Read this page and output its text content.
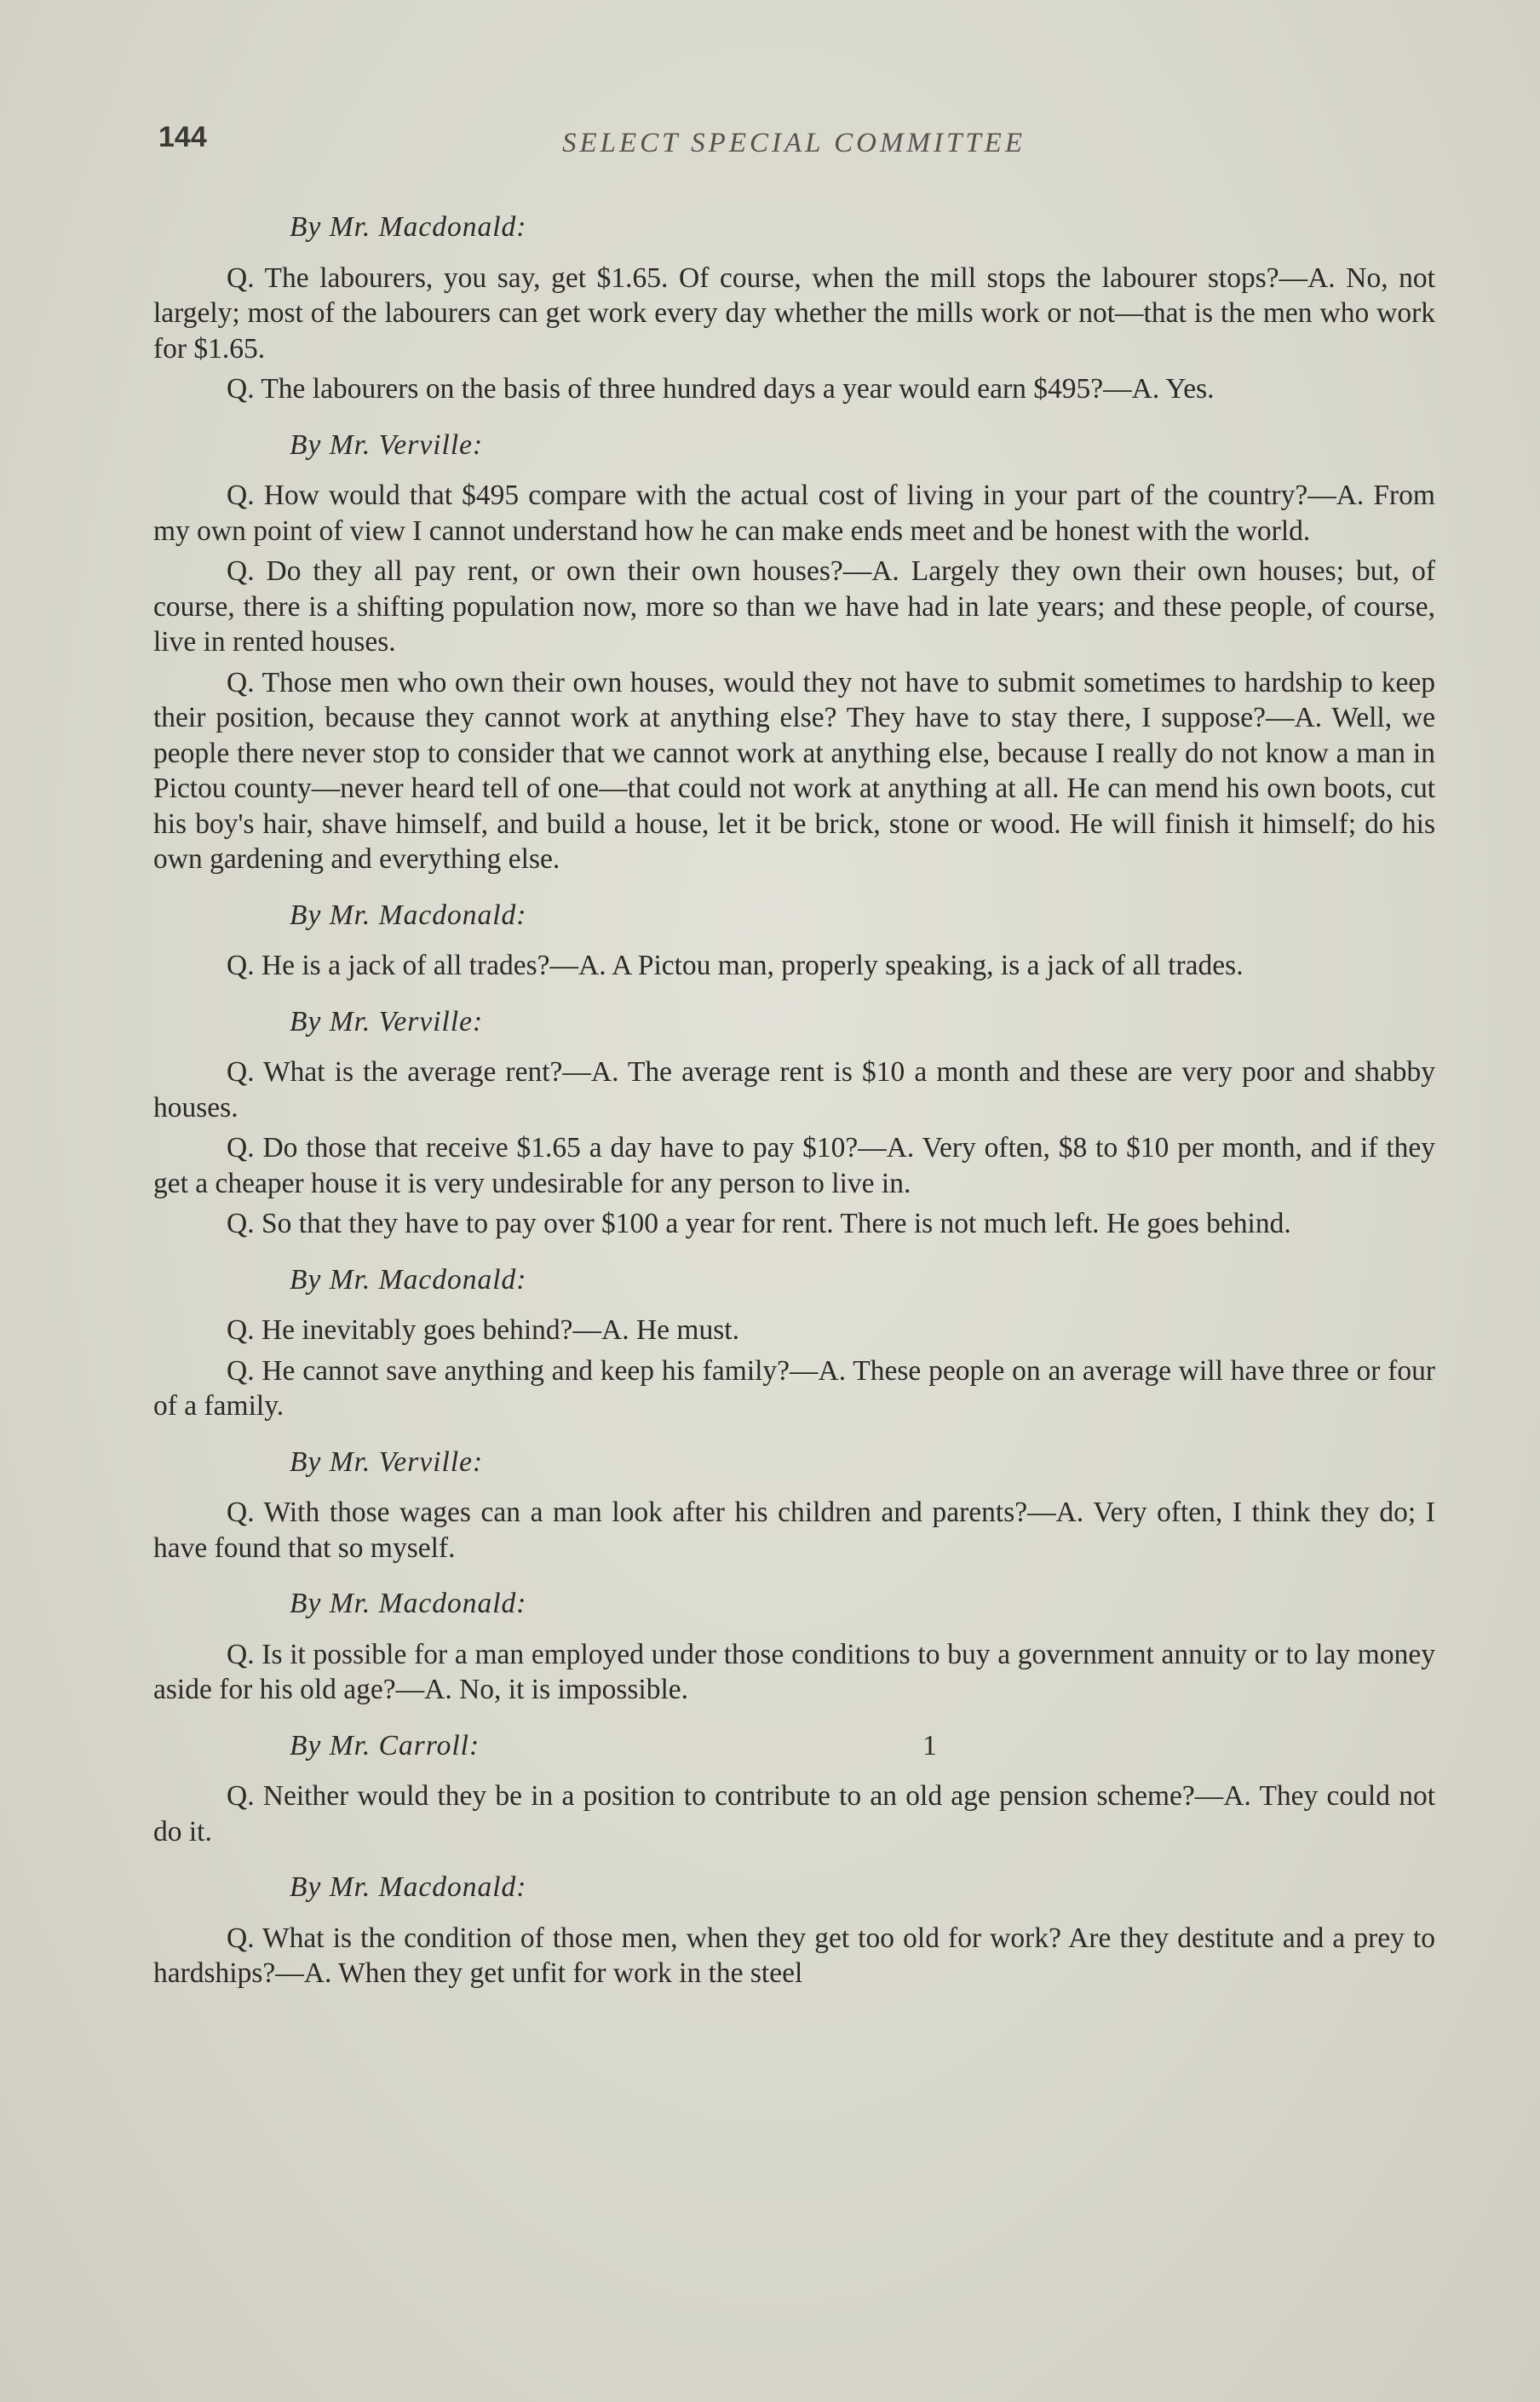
144	SELECT SPECIAL COMMITTEE
By Mr. Macdonald:

Q. The labourers, you say, get $1.65. Of course, when the mill stops the labourer stops?—A. No, not largely; most of the labourers can get work every day whether the mills work or not—that is the men who work for $1.65.

Q. The labourers on the basis of three hundred days a year would earn $495?—A. Yes.

By Mr. Verville:

Q. How would that $495 compare with the actual cost of living in your part of the country?—A. From my own point of view I cannot understand how he can make ends meet and be honest with the world.

Q. Do they all pay rent, or own their own houses?—A. Largely they own their own houses; but, of course, there is a shifting population now, more so than we have had in late years; and these people, of course, live in rented houses.

Q. Those men who own their own houses, would they not have to submit sometimes to hardship to keep their position, because they cannot work at anything else? They have to stay there, I suppose?—A. Well, we people there never stop to consider that we cannot work at anything else, because I really do not know a man in Pictou county—never heard tell of one—that could not work at anything at all. He can mend his own boots, cut his boy's hair, shave himself, and build a house, let it be brick, stone or wood. He will finish it himself; do his own gardening and everything else.

By Mr. Macdonald:

Q. He is a jack of all trades?—A. A Pictou man, properly speaking, is a jack of all trades.

By Mr. Verville:

Q. What is the average rent?—A. The average rent is $10 a month and these are very poor and shabby houses.

Q. Do those that receive $1.65 a day have to pay $10?—A. Very often, $8 to $10 per month, and if they get a cheaper house it is very undesirable for any person to live in.

Q. So that they have to pay over $100 a year for rent. There is not much left. He goes behind.

By Mr. Macdonald:

Q. He inevitably goes behind?—A. He must.

Q. He cannot save anything and keep his family?—A. These people on an average will have three or four of a family.

By Mr. Verville:

Q. With those wages can a man look after his children and parents?—A. Very often, I think they do; I have found that so myself.

By Mr. Macdonald:

Q. Is it possible for a man employed under those conditions to buy a government annuity or to lay money aside for his old age?—A. No, it is impossible.

By Mr. Carroll:	1

Q. Neither would they be in a position to contribute to an old age pension scheme?—A. They could not do it.

By Mr. Macdonald:

Q. What is the condition of those men, when they get too old for work? Are they destitute and a prey to hardships?—A. When they get unfit for work in the steel
